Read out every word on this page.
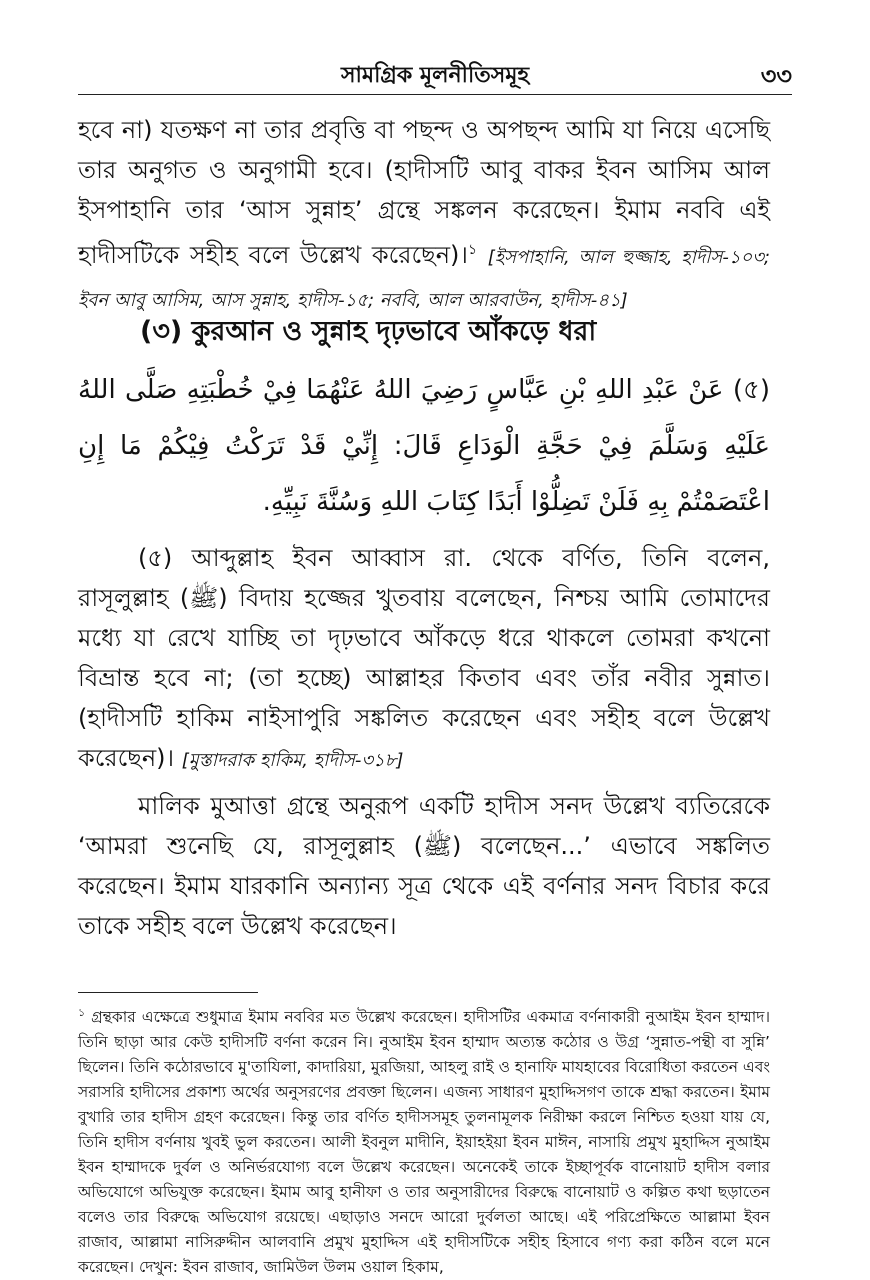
সামগ্রিক মূলনীতিসমূহ	৩৩
হবে না) যতক্ষণ না তার প্রবৃত্তি বা পছন্দ ও অপছন্দ আমি যা নিয়ে এসেছি তার অনুগত ও অনুগামী হবে। (হাদীসটি আবু বাকর ইবন আসিম আল ইসপাহানি তার ‘আস সুন্নাহ’ গ্রন্থে সঙ্কলন করেছেন। ইমাম নববি এই হাদীসটিকে সহীহ বলে উল্লেখ করেছেন)।$^১$ [ইসপাহানি, আল হুজ্জাহ, হাদীস-১০৩; ইবন আবু আসিম, আস সুন্নাহ, হাদীস-১৫; নববি, আল আরবাউন, হাদীস-৪১]
(৩) কুরআন ও সুন্নাহ দৃঢ়ভাবে আঁকড়ে ধরা
(৫) عَنْ عَبْدِ اللهِ بْنِ عَبَّاسٍ رَضِيَ اللهُ عَنْهُمَا فِيْ خُطْبَتِهِ صَلَّى اللهُ عَلَيْهِ وَسَلَّمَ فِيْ حَجَّةِ الْوَدَاعِ قَالَ: إِنِّيْ قَدْ تَرَكْتُ فِيْكُمْ مَا إِنِ اعْتَصَمْتُمْ بِهِ فَلَنْ تَضِلُّوْا أَبَدًا كِتَابَ اللهِ وَسُنَّةَ نَبِيِّهِ.
(৫) আব্দুল্লাহ ইবন আব্বাস রা. থেকে বর্ণিত, তিনি বলেন, রাসূলুল্লাহ (ﷺ) বিদায় হজ্জের খুতবায় বলেছেন, নিশ্চয় আমি তোমাদের মধ্যে যা রেখে যাচ্ছি তা দৃঢ়ভাবে আঁকড়ে ধরে থাকলে তোমরা কখনো বিভ্রান্ত হবে না; (তা হচ্ছে) আল্লাহর কিতাব এবং তাঁর নবীর সুন্নাত। (হাদীসটি হাকিম নাইসাপুরি সঙ্কলিত করেছেন এবং সহীহ বলে উল্লেখ করেছেন)। [মুস্তাদরাক হাকিম, হাদীস-৩১৮]
মালিক মুআত্তা গ্রন্থে অনুরূপ একটি হাদীস সনদ উল্লেখ ব্যতিরেকে ‘আমরা শুনেছি যে, রাসূলুল্লাহ (ﷺ) বলেছেন...’ এভাবে সঙ্কলিত করেছেন। ইমাম যারকানি অন্যান্য সূত্র থেকে এই বর্ণনার সনদ বিচার করে তাকে সহীহ বলে উল্লেখ করেছেন।
$^১$ গ্রন্থকার এক্ষেত্রে শুধুমাত্র ইমাম নববির মত উল্লেখ করেছেন। হাদীসটির একমাত্র বর্ণনাকারী নুআইম ইবন হাম্মাদ। তিনি ছাড়া আর কেউ হাদীসটি বর্ণনা করেন নি। নুআইম ইবন হাম্মাদ অত্যন্ত কঠোর ও উগ্র ‘সুন্নাত-পন্থী বা সুন্নি’ ছিলেন। তিনি কঠোরভাবে মু'তাযিলা, কাদারিয়া, মুরজিয়া, আহলু রাই ও হানাফি মাযহাবের বিরোধিতা করতেন এবং সরাসরি হাদীসের প্রকাশ্য অর্থের অনুসরণের প্রবক্তা ছিলেন। এজন্য সাধারণ মুহাদ্দিসগণ তাকে শ্রদ্ধা করতেন। ইমাম বুখারি তার হাদীস গ্রহণ করেছেন। কিন্তু তার বর্ণিত হাদীসসমূহ তুলনামূলক নিরীক্ষা করলে নিশ্চিত হওয়া যায় যে, তিনি হাদীস বর্ণনায় খুবই ভুল করতেন। আলী ইবনুল মাদীনি, ইয়াহইয়া ইবন মাঈন, নাসায়ি প্রমুখ মুহাদ্দিস নুআইম ইবন হাম্মাদকে দুর্বল ও অনির্ভরযোগ্য বলে উল্লেখ করেছেন। অনেকেই তাকে ইচ্ছাপূর্বক বানোয়াট হাদীস বলার অভিযোগে অভিযুক্ত করেছেন। ইমাম আবু হানীফা ও তার অনুসারীদের বিরুদ্ধে বানোয়াট ও কল্পিত কথা ছড়াতেন বলেও তার বিরুদ্ধে অভিযোগ রয়েছে। এছাড়াও সনদে আরো দুর্বলতা আছে। এই পরিপ্রেক্ষিতে আল্লামা ইবন রাজাব, আল্লামা নাসিরুদ্দীন আলবানি প্রমুখ মুহাদ্দিস এই হাদীসটিকে সহীহ হিসাবে গণ্য করা কঠিন বলে মনে করেছেন। দেখুন: ইবন রাজাব, জামিউল উলম ওয়াল হিকাম,
